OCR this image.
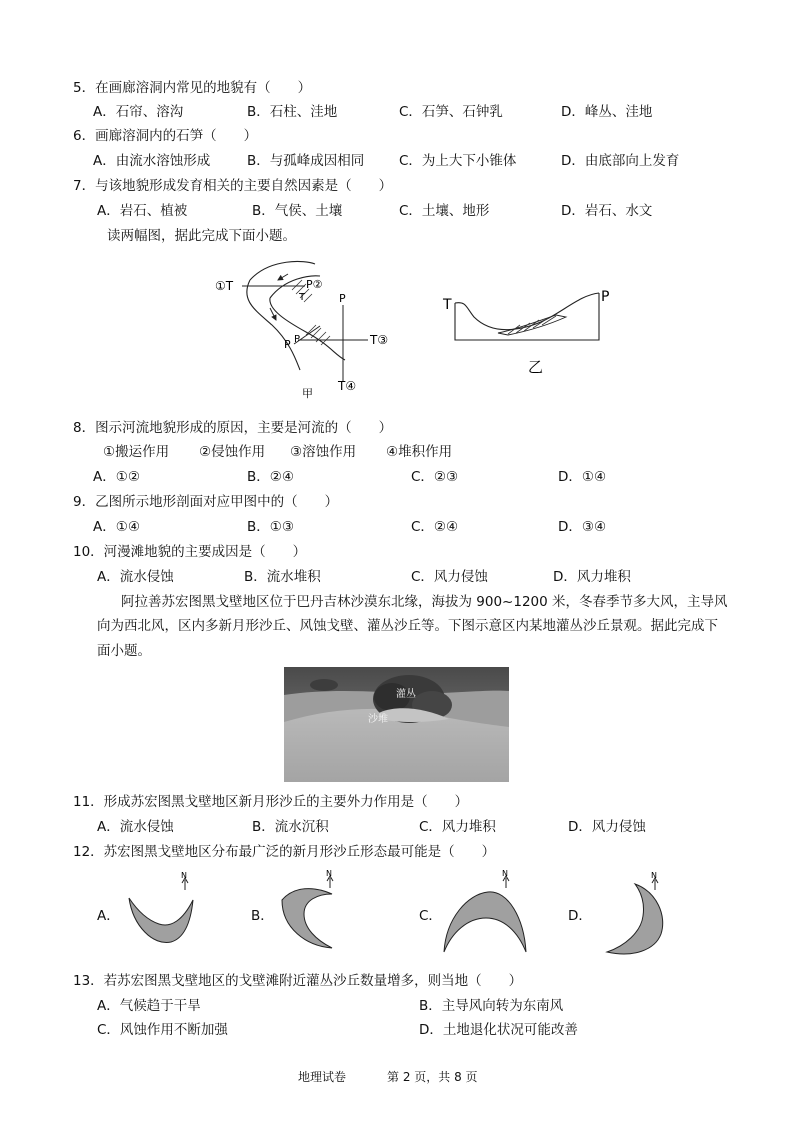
5．在画廊溶洞内常见的地貌有（　　）
A．石帘、溶沟	B．石柱、洼地	C．石笋、石钟乳	D．峰丛、洼地
6．画廊溶洞内的石笋（　　）
A．由流水溶蚀形成	B．与孤峰成因相同	C．为上大下小锥体	D．由底部向上发育
7．与该地貌形成发育相关的主要自然因素是（　　）
A．岩石、植被	B．气侯、土壤	C．土壤、地形	D．岩石、水文
读两幅图，据此完成下面小题。
①T	P②
T	P
T③
P P
T④
甲
T	P
乙
8．图示河流地貌形成的原因，主要是河流的（　　）
①搬运作用 ②侵蚀作用 ③溶蚀作用 ④堆积作用
A．①②	B．②④	C．②③	D．①④
9．乙图所示地形剖面对应甲图中的（　　）
A．①④	B．①③	C．②④	D．③④
10．河漫滩地貌的主要成因是（　　）
A．流水侵蚀	B．流水堆积	C．风力侵蚀	D．风力堆积
阿拉善苏宏图黑戈壁地区位于巴丹吉林沙漠东北缘，海拔为 900~1200 米，冬春季节多大风，主导风
向为西北风，区内多新月形沙丘、风蚀戈壁、灌丛沙丘等。下图示意区内某地灌丛沙丘景观。据此完成下
面小题。
灌丛
沙堆
11．形成苏宏图黑戈壁地区新月形沙丘的主要外力作用是（　　）
A．流水侵蚀	B．流水沉积	C．风力堆积	D．风力侵蚀
12．苏宏图黑戈壁地区分布最广泛的新月形沙丘形态最可能是（　　）
A．
N
B．
N
C．
N
D．
N
13．若苏宏图黑戈壁地区的戈壁滩附近灌丛沙丘数量增多，则当地（　　）
A．气候趋于干旱	B．主导风向转为东南风
C．风蚀作用不断加强	D．土地退化状况可能改善
地理试卷	第 2 页，共 8 页
